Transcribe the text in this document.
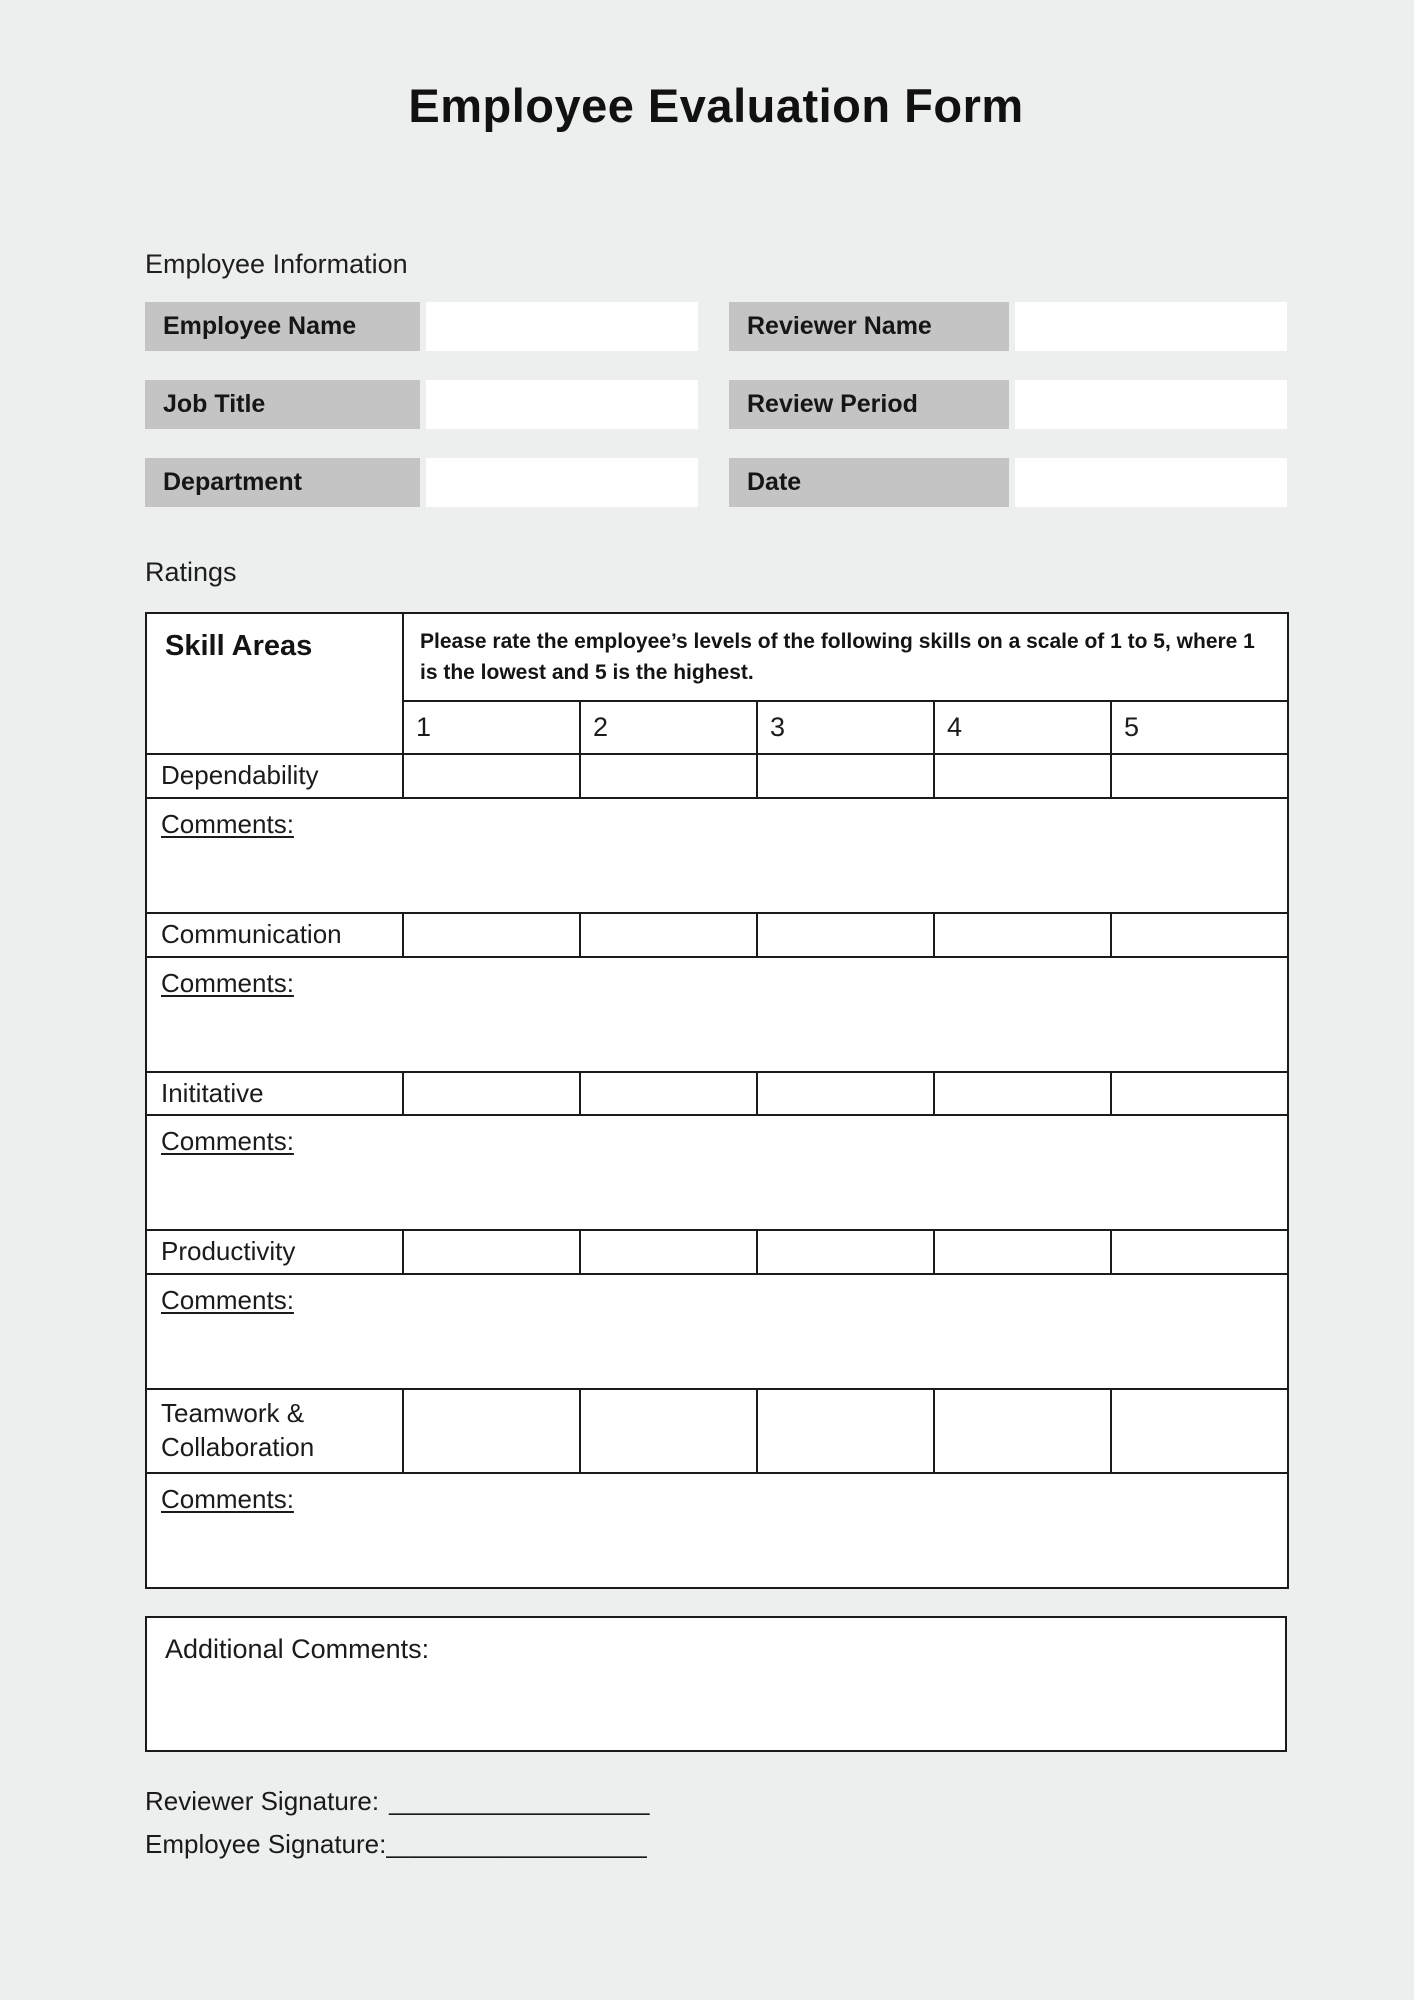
Employee Evaluation Form
Employee Information
Employee Name	Reviewer Name
Job Title	Review Period
Department	Date
Ratings
Skill Areas	Please rate the employee’s levels of the following skills on a scale of 1 to 5, where 1 is the lowest and 5 is the highest.				
	1	2	3	4	5
Dependability					
Comments:					
Communication					
Comments:					
Inititative					
Comments:					
Productivity					
Comments:					
Teamwork & Collaboration					
Comments:					
Additional Comments:
Reviewer Signature: __________________
Employee Signature:__________________
